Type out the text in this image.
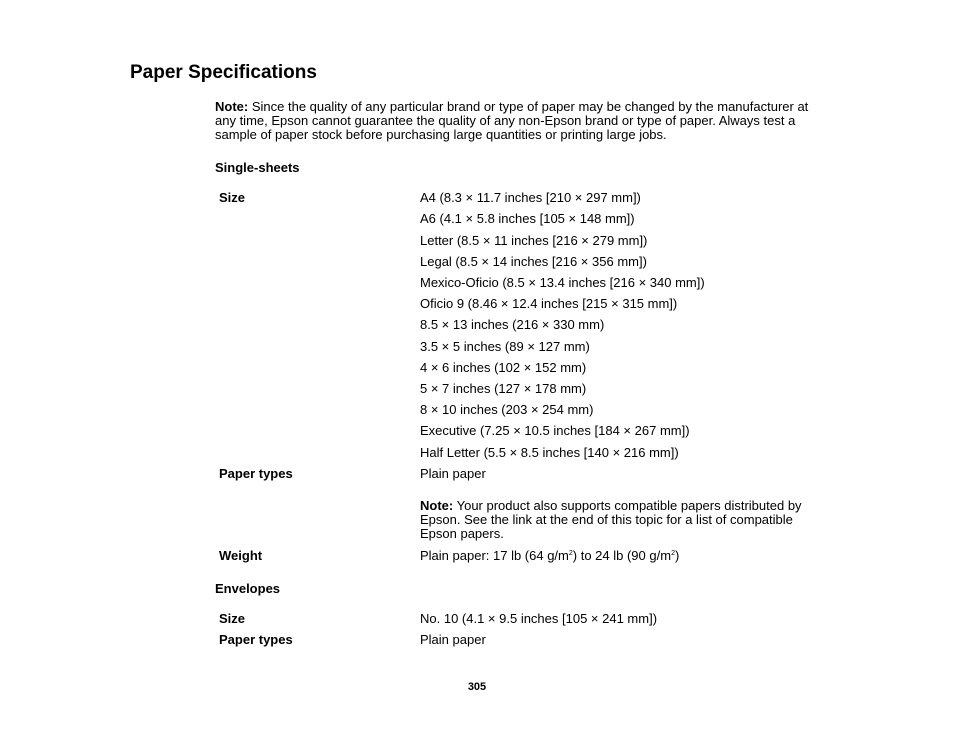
Paper Specifications
Note: Since the quality of any particular brand or type of paper may be changed by the manufacturer at any time, Epson cannot guarantee the quality of any non-Epson brand or type of paper. Always test a sample of paper stock before purchasing large quantities or printing large jobs.
Single-sheets
Size	A4 (8.3 × 11.7 inches [210 × 297 mm])
A6 (4.1 × 5.8 inches [105 × 148 mm])
Letter (8.5 × 11 inches [216 × 279 mm])
Legal (8.5 × 14 inches [216 × 356 mm])
Mexico-Oficio (8.5 × 13.4 inches [216 × 340 mm])
Oficio 9 (8.46 × 12.4 inches [215 × 315 mm])
8.5 × 13 inches (216 × 330 mm)
3.5 × 5 inches (89 × 127 mm)
4 × 6 inches (102 × 152 mm)
5 × 7 inches (127 × 178 mm)
8 × 10 inches (203 × 254 mm)
Executive (7.25 × 10.5 inches [184 × 267 mm])
Half Letter (5.5 × 8.5 inches [140 × 216 mm])
Paper types	Plain paper
Note: Your product also supports compatible papers distributed by Epson. See the link at the end of this topic for a list of compatible Epson papers.
Weight	Plain paper: 17 lb (64 $g/m^2$) to 24 lb (90 $g/m^2$)
Envelopes
Size	No. 10 (4.1 × 9.5 inches [105 × 241 mm])
Paper types	Plain paper
305
